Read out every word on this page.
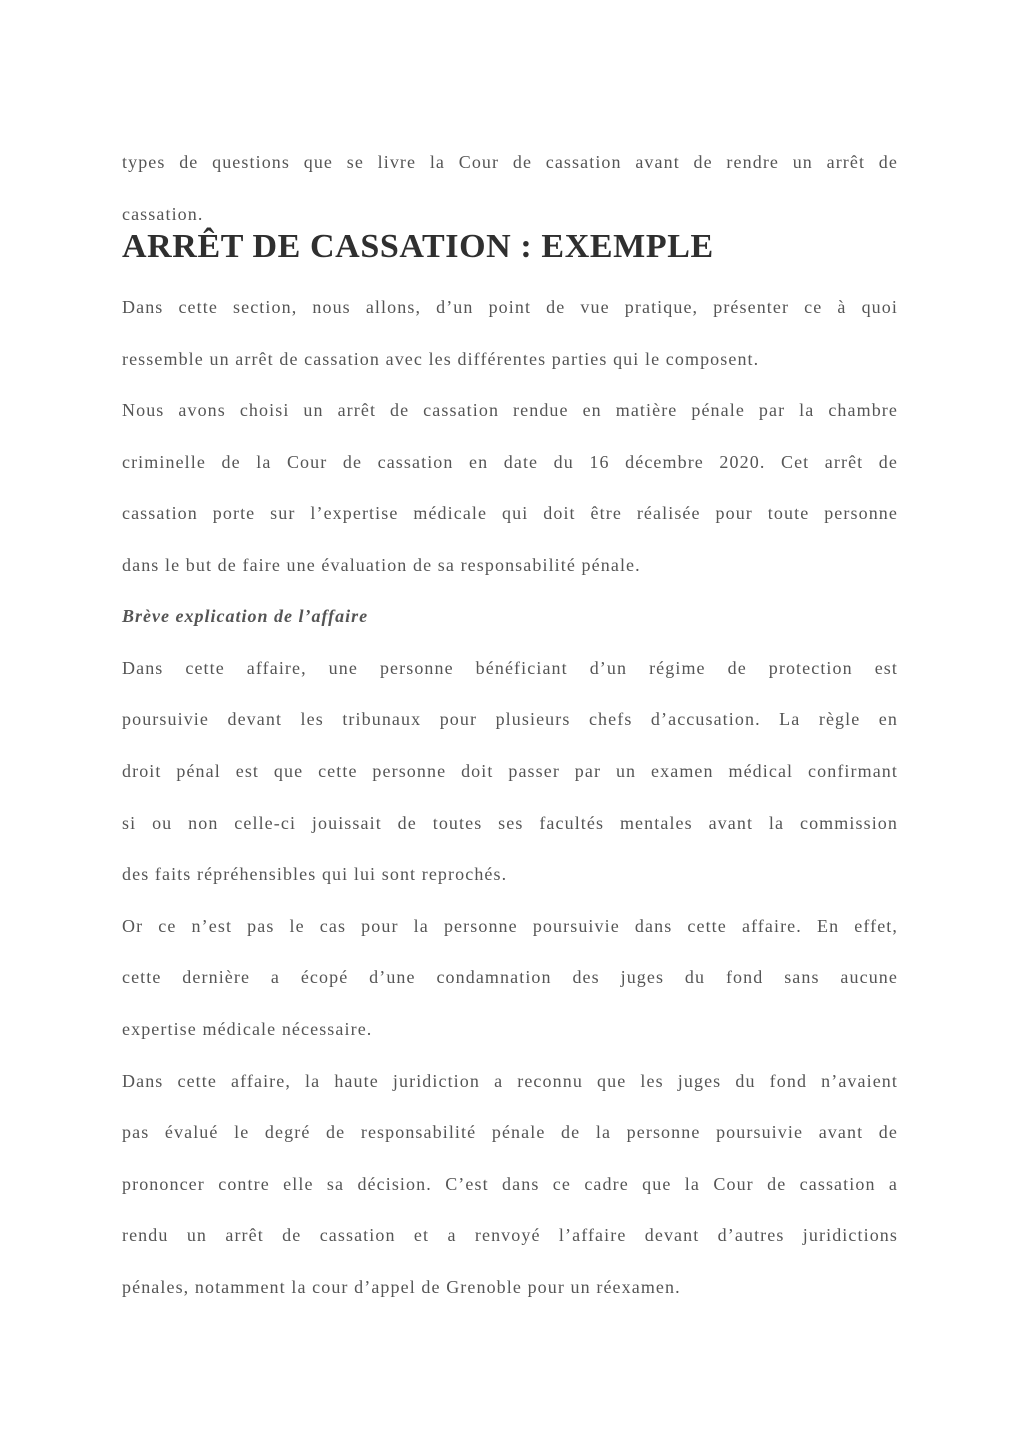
types de questions que se livre la Cour de cassation avant de rendre un arrêt de
cassation.
ARRÊT DE CASSATION : EXEMPLE
Dans cette section, nous allons, d’un point de vue pratique, présenter ce à quoi
ressemble un arrêt de cassation avec les différentes parties qui le composent.
Nous avons choisi un arrêt de cassation rendue en matière pénale par la chambre
criminelle de la Cour de cassation en date du 16 décembre 2020. Cet arrêt de
cassation porte sur l’expertise médicale qui doit être réalisée pour toute personne
dans le but de faire une évaluation de sa responsabilité pénale.
Brève explication de l’affaire
Dans cette affaire, une personne bénéficiant d’un régime de protection est
poursuivie devant les tribunaux pour plusieurs chefs d’accusation. La règle en
droit pénal est que cette personne doit passer par un examen médical confirmant
si ou non celle-ci jouissait de toutes ses facultés mentales avant la commission
des faits répréhensibles qui lui sont reprochés.
Or ce n’est pas le cas pour la personne poursuivie dans cette affaire. En effet,
cette dernière a écopé d’une condamnation des juges du fond sans aucune
expertise médicale nécessaire.
Dans cette affaire, la haute juridiction a reconnu que les juges du fond n’avaient
pas évalué le degré de responsabilité pénale de la personne poursuivie avant de
prononcer contre elle sa décision. C’est dans ce cadre que la Cour de cassation a
rendu un arrêt de cassation et a renvoyé l’affaire devant d’autres juridictions
pénales, notamment la cour d’appel de Grenoble pour un réexamen.
